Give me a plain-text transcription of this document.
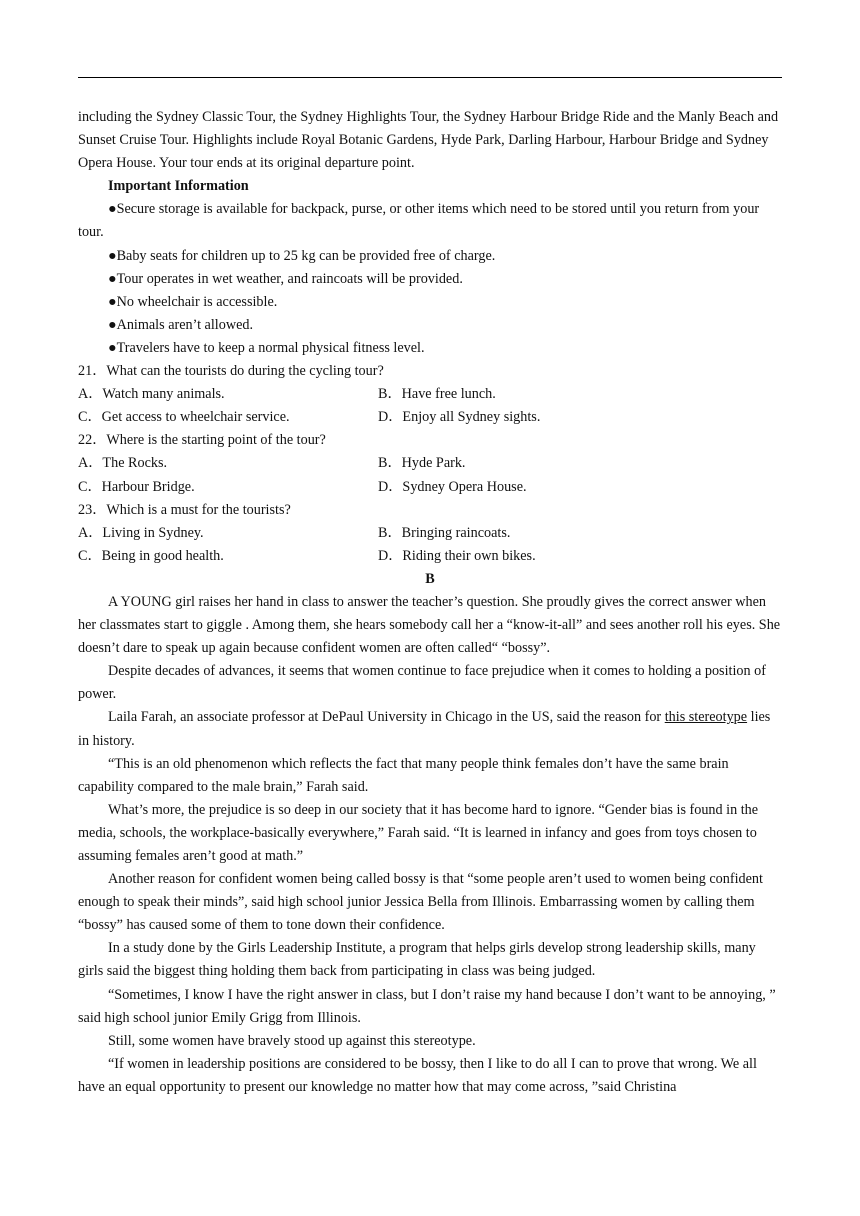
including the Sydney Classic Tour, the Sydney Highlights Tour, the Sydney Harbour Bridge Ride and the Manly Beach and Sunset Cruise Tour. Highlights include Royal Botanic Gardens, Hyde Park, Darling Harbour, Harbour Bridge and Sydney Opera House. Your tour ends at its original departure point.

Important Information

●Secure storage is available for backpack, purse, or other items which need to be stored until you return from your tour.

●Baby seats for children up to 25 kg can be provided free of charge.

●Tour operates in wet weather, and raincoats will be provided.

●No wheelchair is accessible.

●Animals aren’t allowed.

●Travelers have to keep a normal physical fitness level.

21．What can the tourists do during the cycling tour?

A．Watch many animals.	B．Have free lunch.
C．Get access to wheelchair service.	D．Enjoy all Sydney sights.

22．Where is the starting point of the tour?

A．The Rocks.	B．Hyde Park.
C．Harbour Bridge.	D．Sydney Opera House.

23．Which is a must for the tourists?

A．Living in Sydney.	B．Bringing raincoats.
C．Being in good health.	D．Riding their own bikes.

B

A YOUNG girl raises her hand in class to answer the teacher’s question. She proudly gives the correct answer when her classmates start to giggle . Among them, she hears somebody call her a “know-it-all” and sees another roll his eyes. She doesn’t dare to speak up again because confident women are often called“ “bossy”.

Despite decades of advances, it seems that women continue to face prejudice when it comes to holding a position of power.

Laila Farah, an associate professor at DePaul University in Chicago in the US, said the reason for this stereotype lies in history.

“This is an old phenomenon which reflects the fact that many people think females don’t have the same brain capability compared to the male brain,” Farah said.

What’s more, the prejudice is so deep in our society that it has become hard to ignore. “Gender bias is found in the media, schools, the workplace-basically everywhere,” Farah said. “It is learned in infancy and goes from toys chosen to assuming females aren’t good at math.”

Another reason for confident women being called bossy is that “some people aren’t used to women being confident enough to speak their minds”, said high school junior Jessica Bella from Illinois. Embarrassing women by calling them “bossy” has caused some of them to tone down their confidence.

In a study done by the Girls Leadership Institute, a program that helps girls develop strong leadership skills, many girls said the biggest thing holding them back from participating in class was being judged.

“Sometimes, I know I have the right answer in class, but I don’t raise my hand because I don’t want to be annoying, ” said high school junior Emily Grigg from Illinois.

Still, some women have bravely stood up against this stereotype.

“If women in leadership positions are considered to be bossy, then I like to do all I can to prove that wrong. We all have an equal opportunity to present our knowledge no matter how that may come across, ”said Christina
